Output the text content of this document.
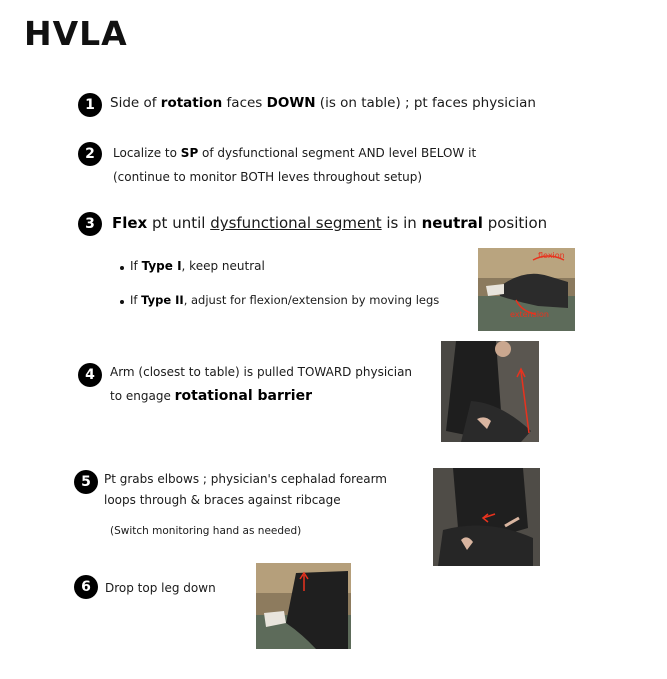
HVLA
1	Side of rotation faces DOWN (is on table) ; pt faces physician
2	Localize to SP of dysfunctional segment AND level BELOW it
(continue to monitor BOTH leves throughout setup)
3	Flex pt until dysfunctional segment is in neutral position
If Type I, keep neutral
If Type II, adjust for flexion/extension by moving legs
flexion
extension
4	Arm (closest to table) is pulled TOWARD physician
to engage rotational barrier
5	Pt grabs elbows ; physician's cephalad forearm
loops through & braces against ribcage
(Switch monitoring hand as needed)
6	Drop top leg down
